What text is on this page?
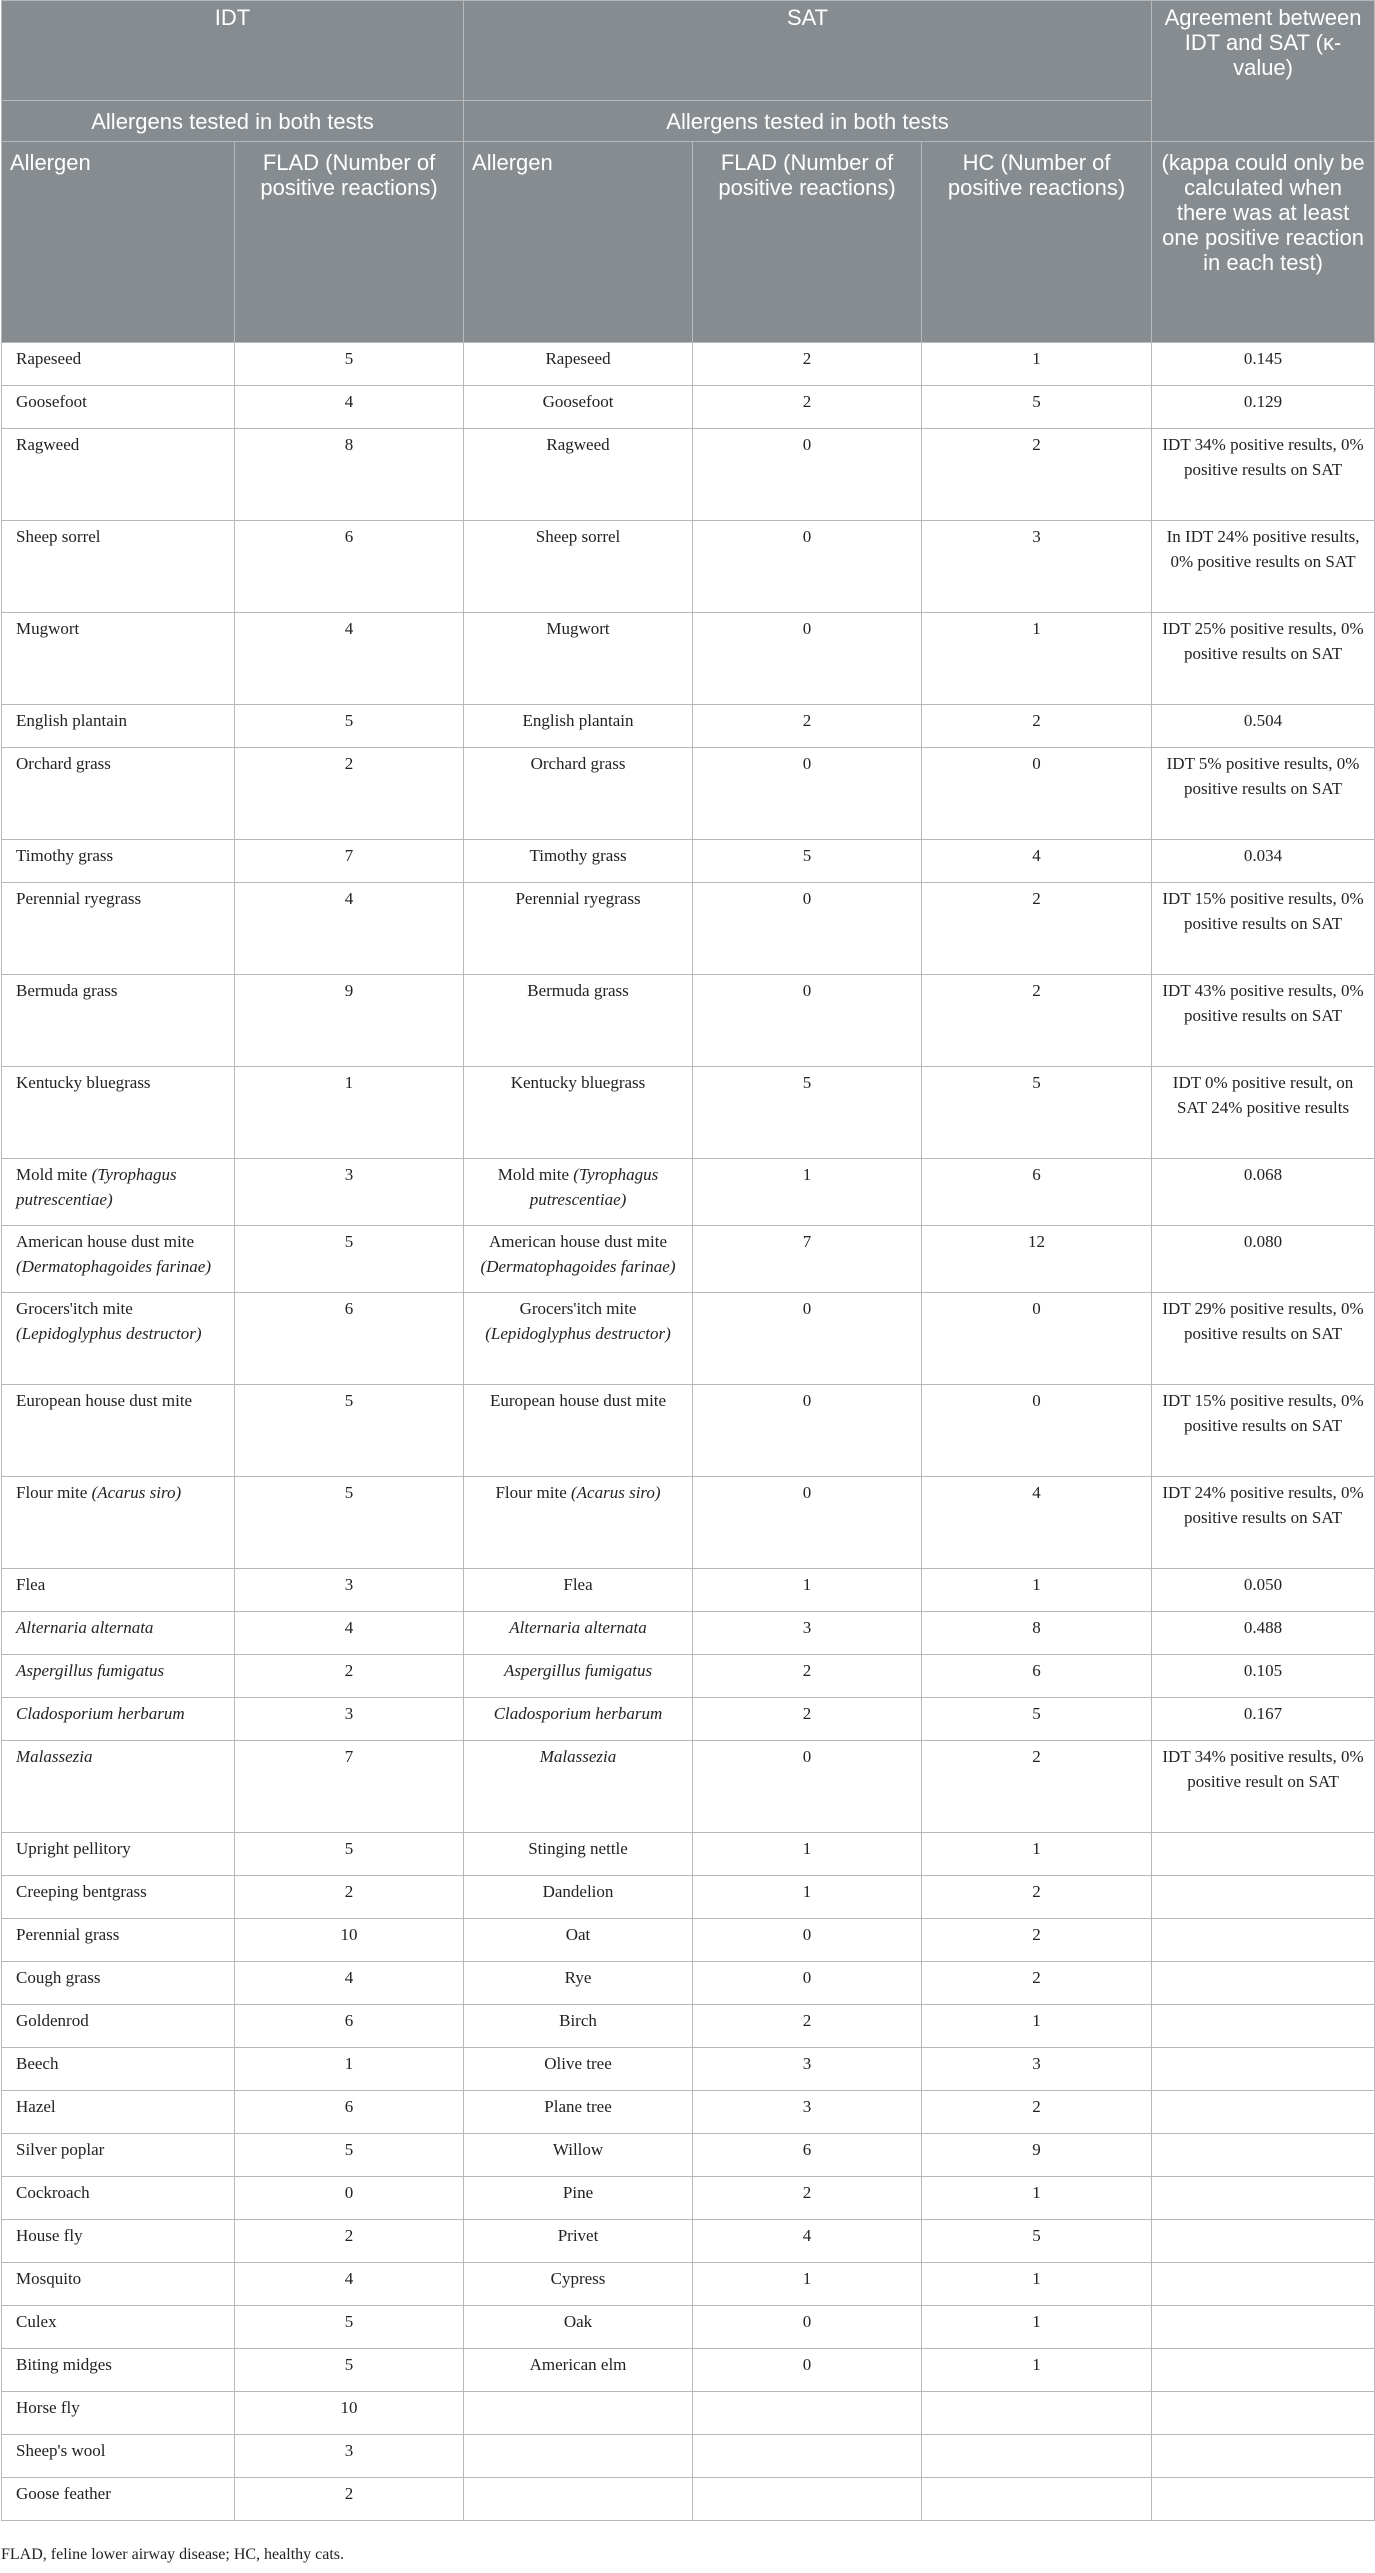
IDT		SAT			Agreement between IDT and SAT (κ-value)
Allergens tested in both tests		Allergens tested in both tests			
Allergen	FLAD (Number of positive reactions)	Allergen	FLAD (Number of positive reactions)	HC (Number of positive reactions)	(kappa could only be calculated when there was at least one positive reaction in each test)
Rapeseed	5	Rapeseed	2	1	0.145
Goosefoot	4	Goosefoot	2	5	0.129
Ragweed	8	Ragweed	0	2	IDT 34% positive results, 0% positive results on SAT
Sheep sorrel	6	Sheep sorrel	0	3	In IDT 24% positive results, 0% positive results on SAT
Mugwort	4	Mugwort	0	1	IDT 25% positive results, 0% positive results on SAT
English plantain	5	English plantain	2	2	0.504
Orchard grass	2	Orchard grass	0	0	IDT 5% positive results, 0% positive results on SAT
Timothy grass	7	Timothy grass	5	4	0.034
Perennial ryegrass	4	Perennial ryegrass	0	2	IDT 15% positive results, 0% positive results on SAT
Bermuda grass	9	Bermuda grass	0	2	IDT 43% positive results, 0% positive results on SAT
Kentucky bluegrass	1	Kentucky bluegrass	5	5	IDT 0% positive result, on SAT 24% positive results
Mold mite (Tyrophagus putrescentiae)	3	Mold mite (Tyrophagus putrescentiae)	1	6	0.068
American house dust mite (Dermatophagoides farinae)	5	American house dust mite (Dermatophagoides farinae)	7	12	0.080
Grocers'itch mite (Lepidoglyphus destructor)	6	Grocers'itch mite (Lepidoglyphus destructor)	0	0	IDT 29% positive results, 0% positive results on SAT
European house dust mite	5	European house dust mite	0	0	IDT 15% positive results, 0% positive results on SAT
Flour mite (Acarus siro)	5	Flour mite (Acarus siro)	0	4	IDT 24% positive results, 0% positive results on SAT
Flea	3	Flea	1	1	0.050
Alternaria alternata	4	Alternaria alternata	3	8	0.488
Aspergillus fumigatus	2	Aspergillus fumigatus	2	6	0.105
Cladosporium herbarum	3	Cladosporium herbarum	2	5	0.167
Malassezia	7	Malassezia	0	2	IDT 34% positive results, 0% positive result on SAT
Upright pellitory	5	Stinging nettle	1	1	
Creeping bentgrass	2	Dandelion	1	2	
Perennial grass	10	Oat	0	2	
Cough grass	4	Rye	0	2	
Goldenrod	6	Birch	2	1	
Beech	1	Olive tree	3	3	
Hazel	6	Plane tree	3	2	
Silver poplar	5	Willow	6	9	
Cockroach	0	Pine	2	1	
House fly	2	Privet	4	5	
Mosquito	4	Cypress	1	1	
Culex	5	Oak	0	1	
Biting midges	5	American elm	0	1	
Horse fly	10				
Sheep's wool	3				
Goose feather	2				
FLAD, feline lower airway disease; HC, healthy cats.
